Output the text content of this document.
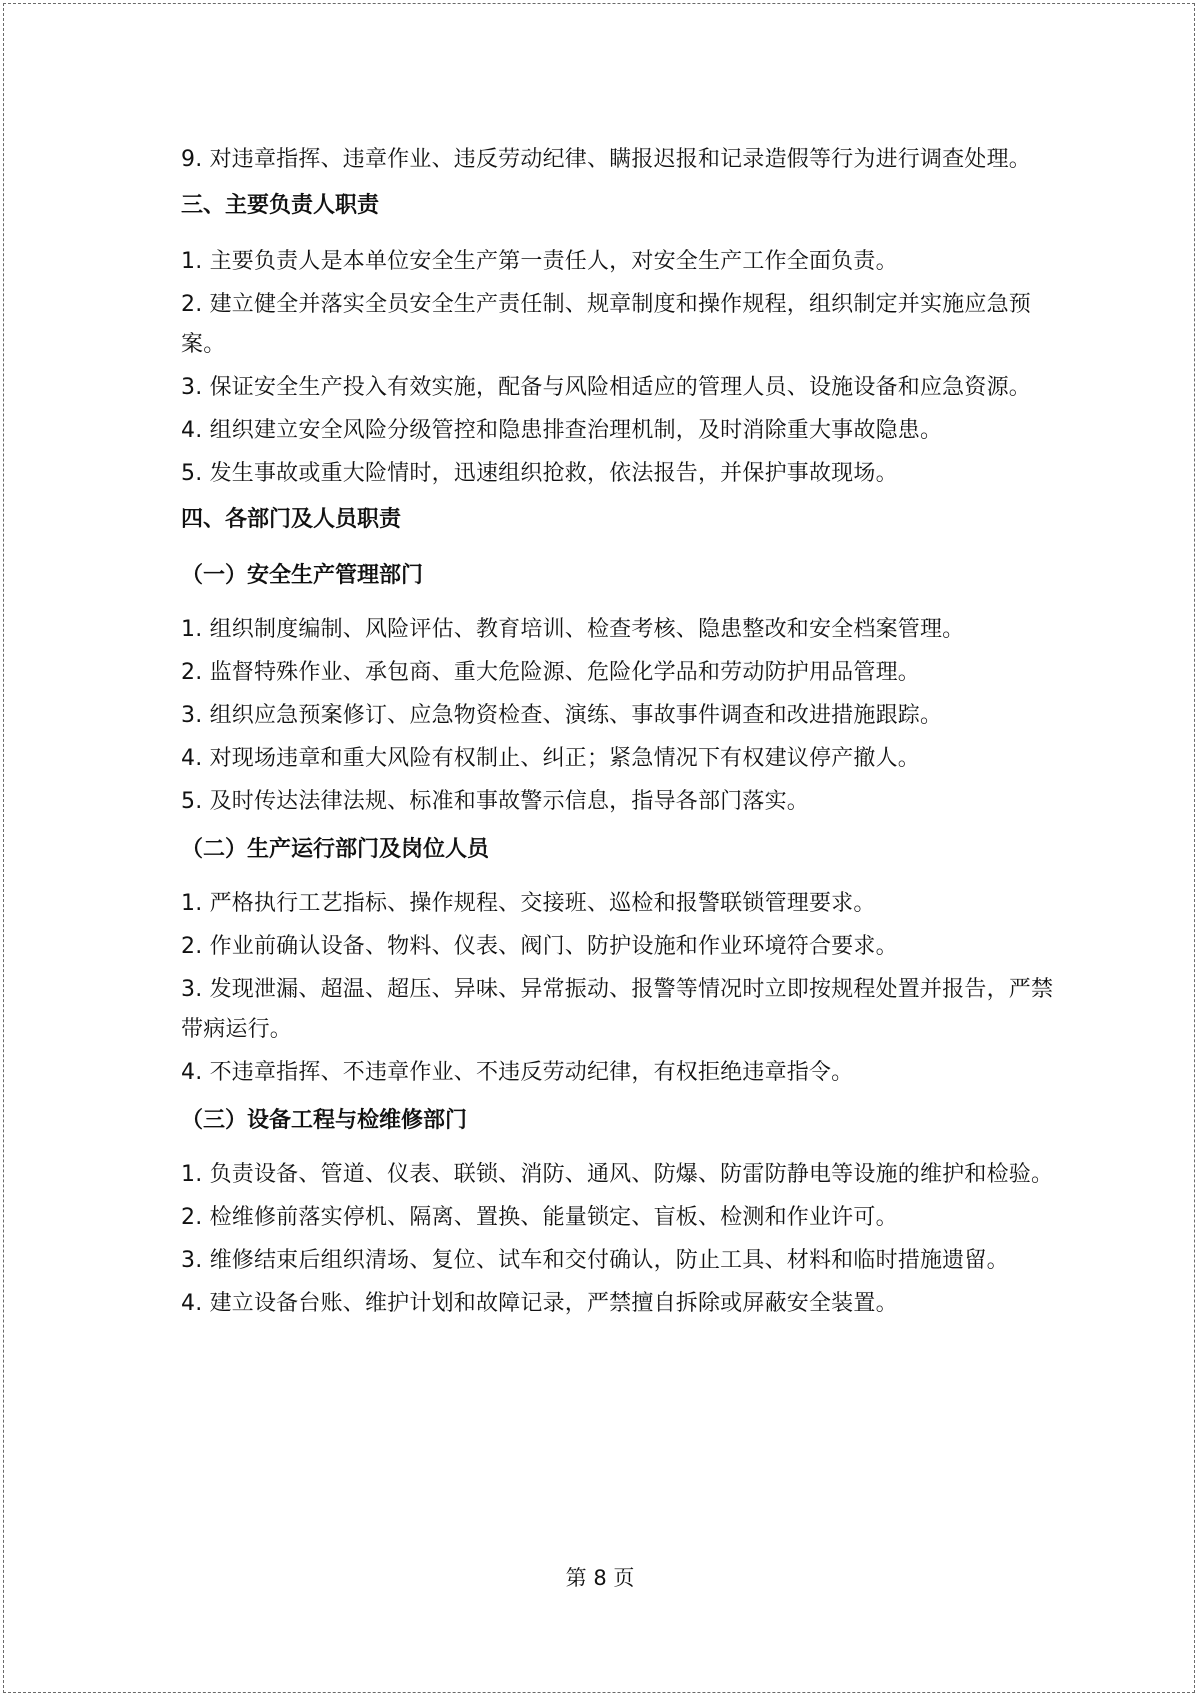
9. 对违章指挥、违章作业、违反劳动纪律、瞒报迟报和记录造假等行为进行调查处理。

三、主要负责人职责

1. 主要负责人是本单位安全生产第一责任人，对安全生产工作全面负责。

2. 建立健全并落实全员安全生产责任制、规章制度和操作规程，组织制定并实施应急预案。

3. 保证安全生产投入有效实施，配备与风险相适应的管理人员、设施设备和应急资源。

4. 组织建立安全风险分级管控和隐患排查治理机制，及时消除重大事故隐患。

5. 发生事故或重大险情时，迅速组织抢救，依法报告，并保护事故现场。

四、各部门及人员职责
（一）安全生产管理部门

1. 组织制度编制、风险评估、教育培训、检查考核、隐患整改和安全档案管理。

2. 监督特殊作业、承包商、重大危险源、危险化学品和劳动防护用品管理。

3. 组织应急预案修订、应急物资检查、演练、事故事件调查和改进措施跟踪。

4. 对现场违章和重大风险有权制止、纠正；紧急情况下有权建议停产撤人。

5. 及时传达法律法规、标准和事故警示信息，指导各部门落实。

（二）生产运行部门及岗位人员

1. 严格执行工艺指标、操作规程、交接班、巡检和报警联锁管理要求。

2. 作业前确认设备、物料、仪表、阀门、防护设施和作业环境符合要求。

3. 发现泄漏、超温、超压、异味、异常振动、报警等情况时立即按规程处置并报告，严禁带病运行。

4. 不违章指挥、不违章作业、不违反劳动纪律，有权拒绝违章指令。

（三）设备工程与检维修部门

1. 负责设备、管道、仪表、联锁、消防、通风、防爆、防雷防静电等设施的维护和检验。

2. 检维修前落实停机、隔离、置换、能量锁定、盲板、检测和作业许可。

3. 维修结束后组织清场、复位、试车和交付确认，防止工具、材料和临时措施遗留。

4. 建立设备台账、维护计划和故障记录，严禁擅自拆除或屏蔽安全装置。

第 8 页
